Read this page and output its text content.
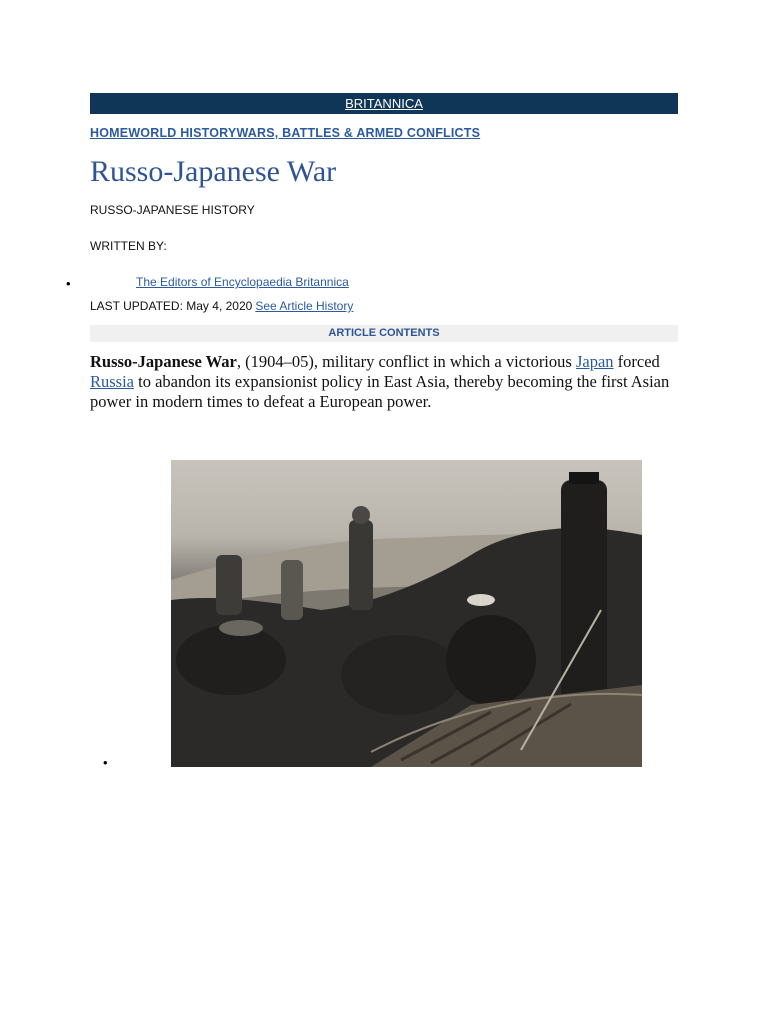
BRITANNICA
HOMEWORLD HISTORYWARS, BATTLES & ARMED CONFLICTS
Russo-Japanese War
RUSSO-JAPANESE HISTORY
WRITTEN BY:
•	The Editors of Encyclopaedia Britannica
LAST UPDATED: May 4, 2020 See Article History
ARTICLE CONTENTS

Russo-Japanese War, (1904–05), military conflict in which a victorious Japan forced Russia to abandon its expansionist policy in East Asia, thereby becoming the first Asian power in modern times to defeat a European power.

•
